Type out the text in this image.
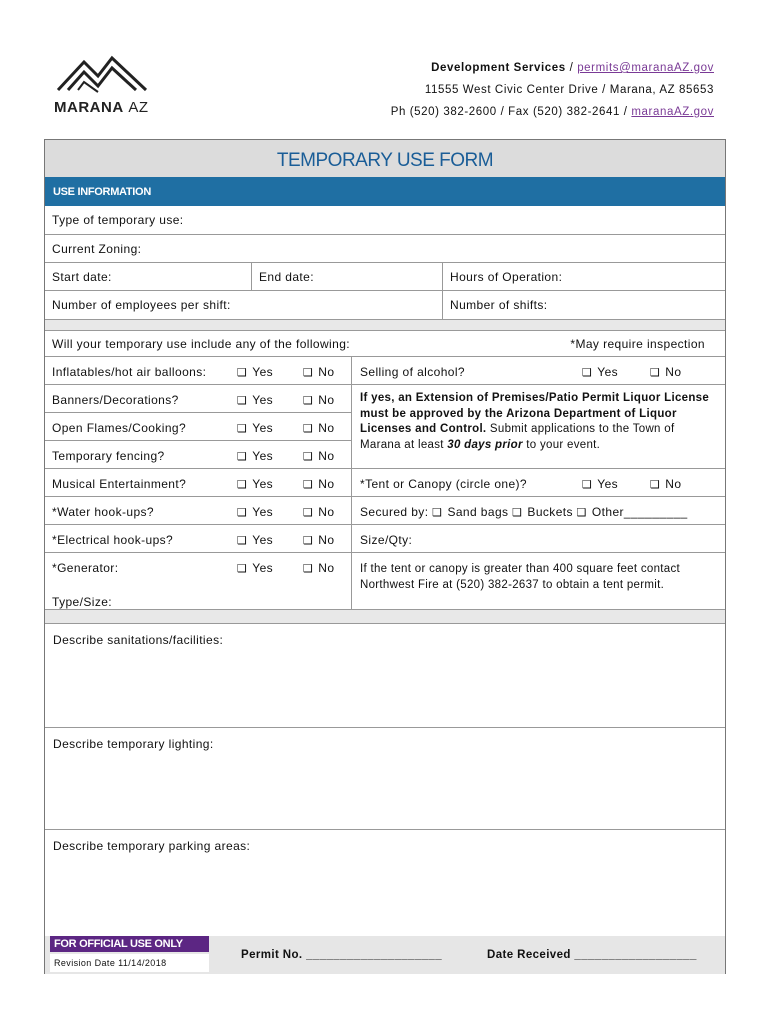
MARANA AZ
Development Services / permits@maranaAZ.gov
11555 West Civic Center Drive / Marana, AZ 85653
Ph (520) 382-2600 / Fax (520) 382-2641 / maranaAZ.gov
TEMPORARY USE FORM
USE INFORMATION
Type of temporary use:
Current Zoning:
Start date:	End date:	Hours of Operation:
Number of employees per shift:	Number of shifts:
Will your temporary use include any of the following:	*May require inspection
Inflatables/hot air balloons:	❑ Yes	❑ No
Banners/Decorations?	❑ Yes	❑ No
Open Flames/Cooking?	❑ Yes	❑ No
Temporary fencing?	❑ Yes	❑ No
Musical Entertainment?	❑ Yes	❑ No
*Water hook-ups?	❑ Yes	❑ No
*Electrical hook-ups?	❑ Yes	❑ No
*Generator:	❑ Yes	❑ No
Type/Size:
Selling of alcohol?	❑ Yes	❑ No
If yes, an Extension of Premises/Patio Permit Liquor License must be approved by the Arizona Department of Liquor Licenses and Control. Submit applications to the Town of Marana at least 30 days prior to your event.
*Tent or Canopy (circle one)?	❑ Yes	❑ No
Secured by: ❑ Sand bags ❑ Buckets ❑ Other_________
Size/Qty:
If the tent or canopy is greater than 400 square feet contact Northwest Fire at (520) 382-2637 to obtain a tent permit.
Describe sanitations/facilities:
Describe temporary lighting:
Describe temporary parking areas:
Revision Date 11/14/2018
Permit No. ____________________	Date Received __________________
FOR OFFICIAL USE ONLY
